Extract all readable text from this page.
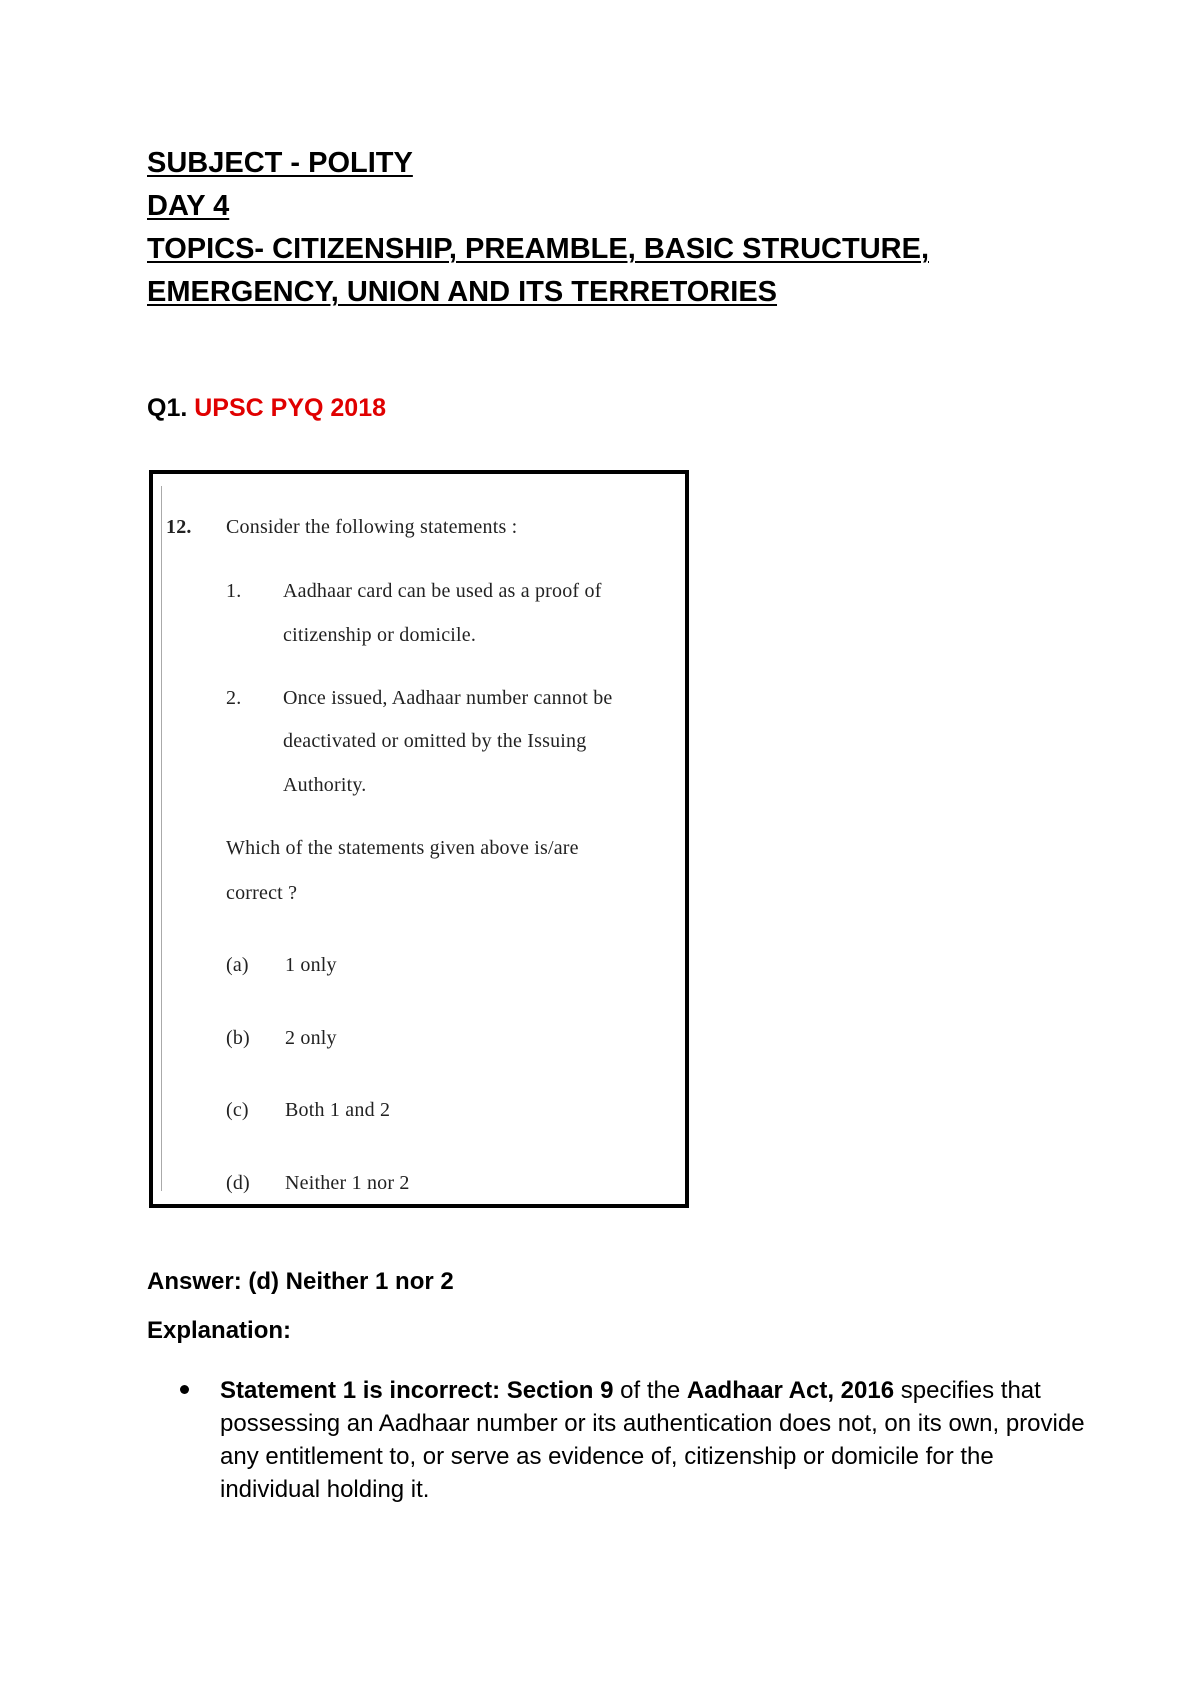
SUBJECT - POLITY
DAY 4
TOPICS- CITIZENSHIP, PREAMBLE, BASIC STRUCTURE,
EMERGENCY, UNION AND ITS TERRETORIES
Q1. UPSC PYQ 2018
12. Consider the following statements :
1. Aadhaar card can be used as a proof of
citizenship or domicile.
2. Once issued, Aadhaar number cannot be
deactivated or omitted by the Issuing
Authority.
Which of the statements given above is/are
correct ?
(a) 1 only
(b) 2 only
(c) Both 1 and 2
(d) Neither 1 nor 2
Answer: (d) Neither 1 nor 2
Explanation:
Statement 1 is incorrect: Section 9 of the Aadhaar Act, 2016 specifies that possessing an Aadhaar number or its authentication does not, on its own, provide any entitlement to, or serve as evidence of, citizenship or domicile for the individual holding it.
